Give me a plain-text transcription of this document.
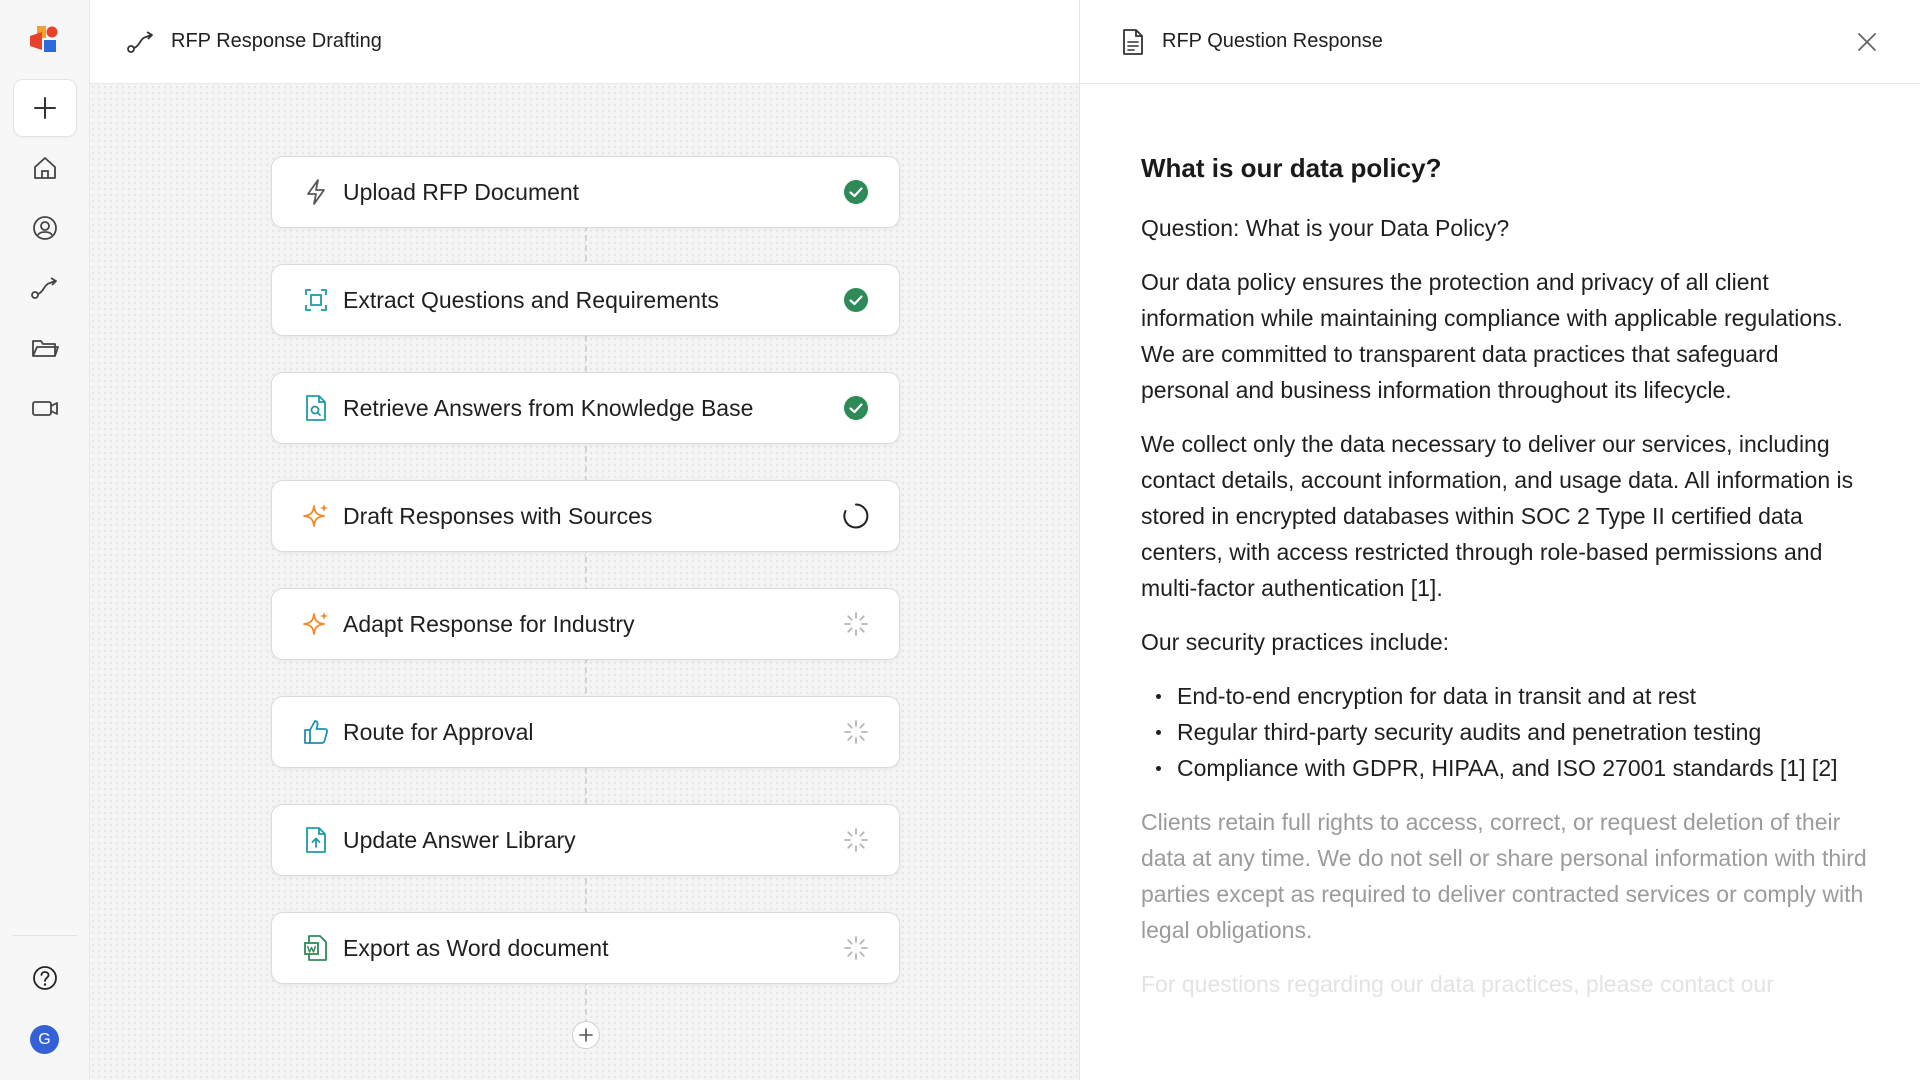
G
RFP Response Drafting
Upload RFP Document
Extract Questions and Requirements
Retrieve Answers from Knowledge Base
Draft Responses with Sources
Adapt Response for Industry
Route for Approval
Update Answer Library
Export as Word document
RFP Question Response
What is our data policy?

Question: What is your Data Policy?

Our data policy ensures the protection and privacy of all client information while maintaining compliance with applicable regulations. We are committed to transparent data practices that safeguard personal and business information throughout its lifecycle.

We collect only the data necessary to deliver our services, including contact details, account information, and usage data. All information is stored in encrypted databases within SOC 2 Type II certified data centers, with access restricted through role-based permissions and multi-factor authentication [1].

Our security practices include:

End-to-end encryption for data in transit and at rest
Regular third-party security audits and penetration testing
Compliance with GDPR, HIPAA, and ISO 27001 standards [1] [2]

Clients retain full rights to access, correct, or request deletion of their data at any time. We do not sell or share personal information with third parties except as required to deliver contracted services or comply with legal obligations.

For questions regarding our data practices, please contact our
